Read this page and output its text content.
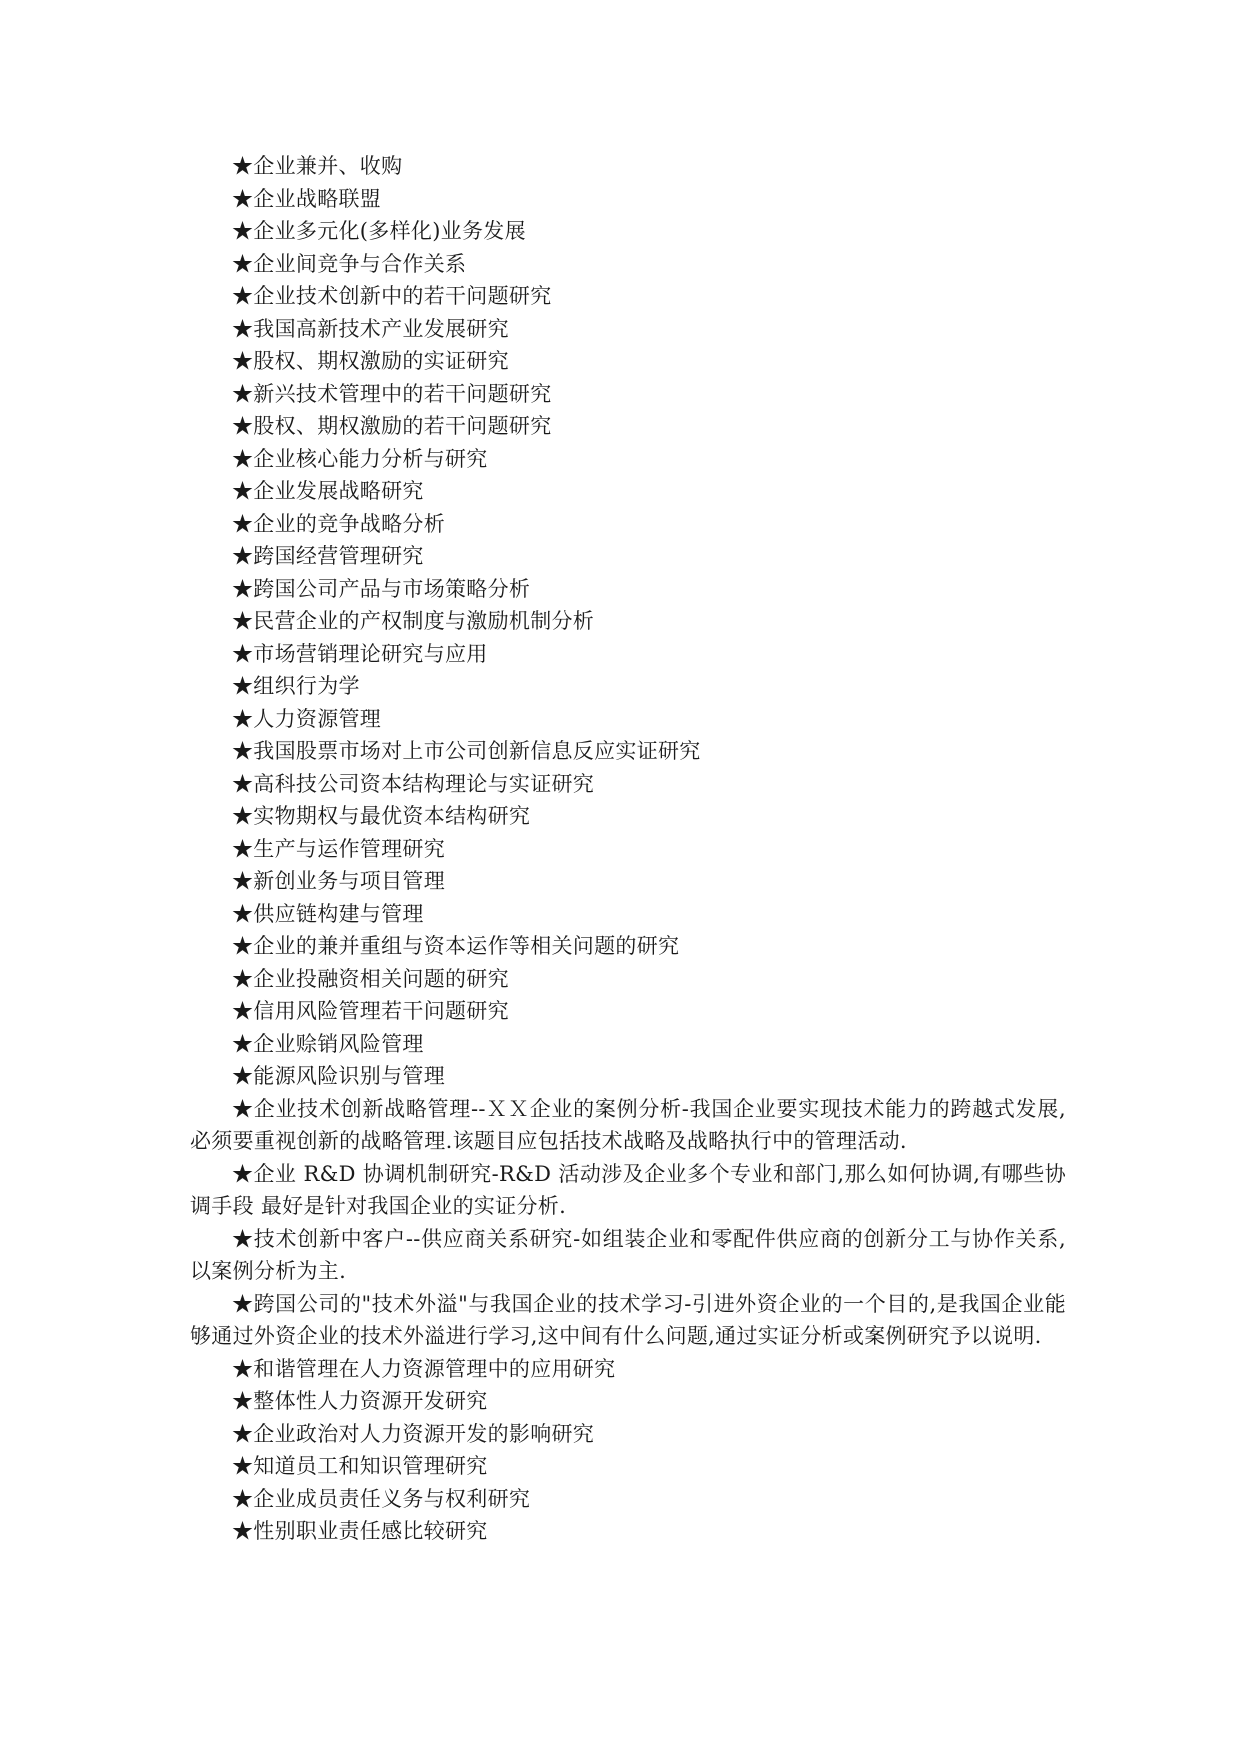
★企业兼并、收购
★企业战略联盟
★企业多元化(多样化)业务发展
★企业间竞争与合作关系
★企业技术创新中的若干问题研究
★我国高新技术产业发展研究
★股权、期权激励的实证研究
★新兴技术管理中的若干问题研究
★股权、期权激励的若干问题研究
★企业核心能力分析与研究
★企业发展战略研究
★企业的竞争战略分析
★跨国经营管理研究
★跨国公司产品与市场策略分析
★民营企业的产权制度与激励机制分析
★市场营销理论研究与应用
★组织行为学
★人力资源管理
★我国股票市场对上市公司创新信息反应实证研究
★高科技公司资本结构理论与实证研究
★实物期权与最优资本结构研究
★生产与运作管理研究
★新创业务与项目管理
★供应链构建与管理
★企业的兼并重组与资本运作等相关问题的研究
★企业投融资相关问题的研究
★信用风险管理若干问题研究
★企业赊销风险管理
★能源风险识别与管理
★企业技术创新战略管理--ＸＸ企业的案例分析-我国企业要实现技术能力的跨越式发展,必须要重视创新的战略管理.该题目应包括技术战略及战略执行中的管理活动.
★企业 R&D 协调机制研究-R&D 活动涉及企业多个专业和部门,那么如何协调,有哪些协调手段 最好是针对我国企业的实证分析.
★技术创新中客户--供应商关系研究-如组装企业和零配件供应商的创新分工与协作关系,以案例分析为主.
★跨国公司的"技术外溢"与我国企业的技术学习-引进外资企业的一个目的,是我国企业能够通过外资企业的技术外溢进行学习,这中间有什么问题,通过实证分析或案例研究予以说明.
★和谐管理在人力资源管理中的应用研究
★整体性人力资源开发研究
★企业政治对人力资源开发的影响研究
★知道员工和知识管理研究
★企业成员责任义务与权利研究
★性别职业责任感比较研究
